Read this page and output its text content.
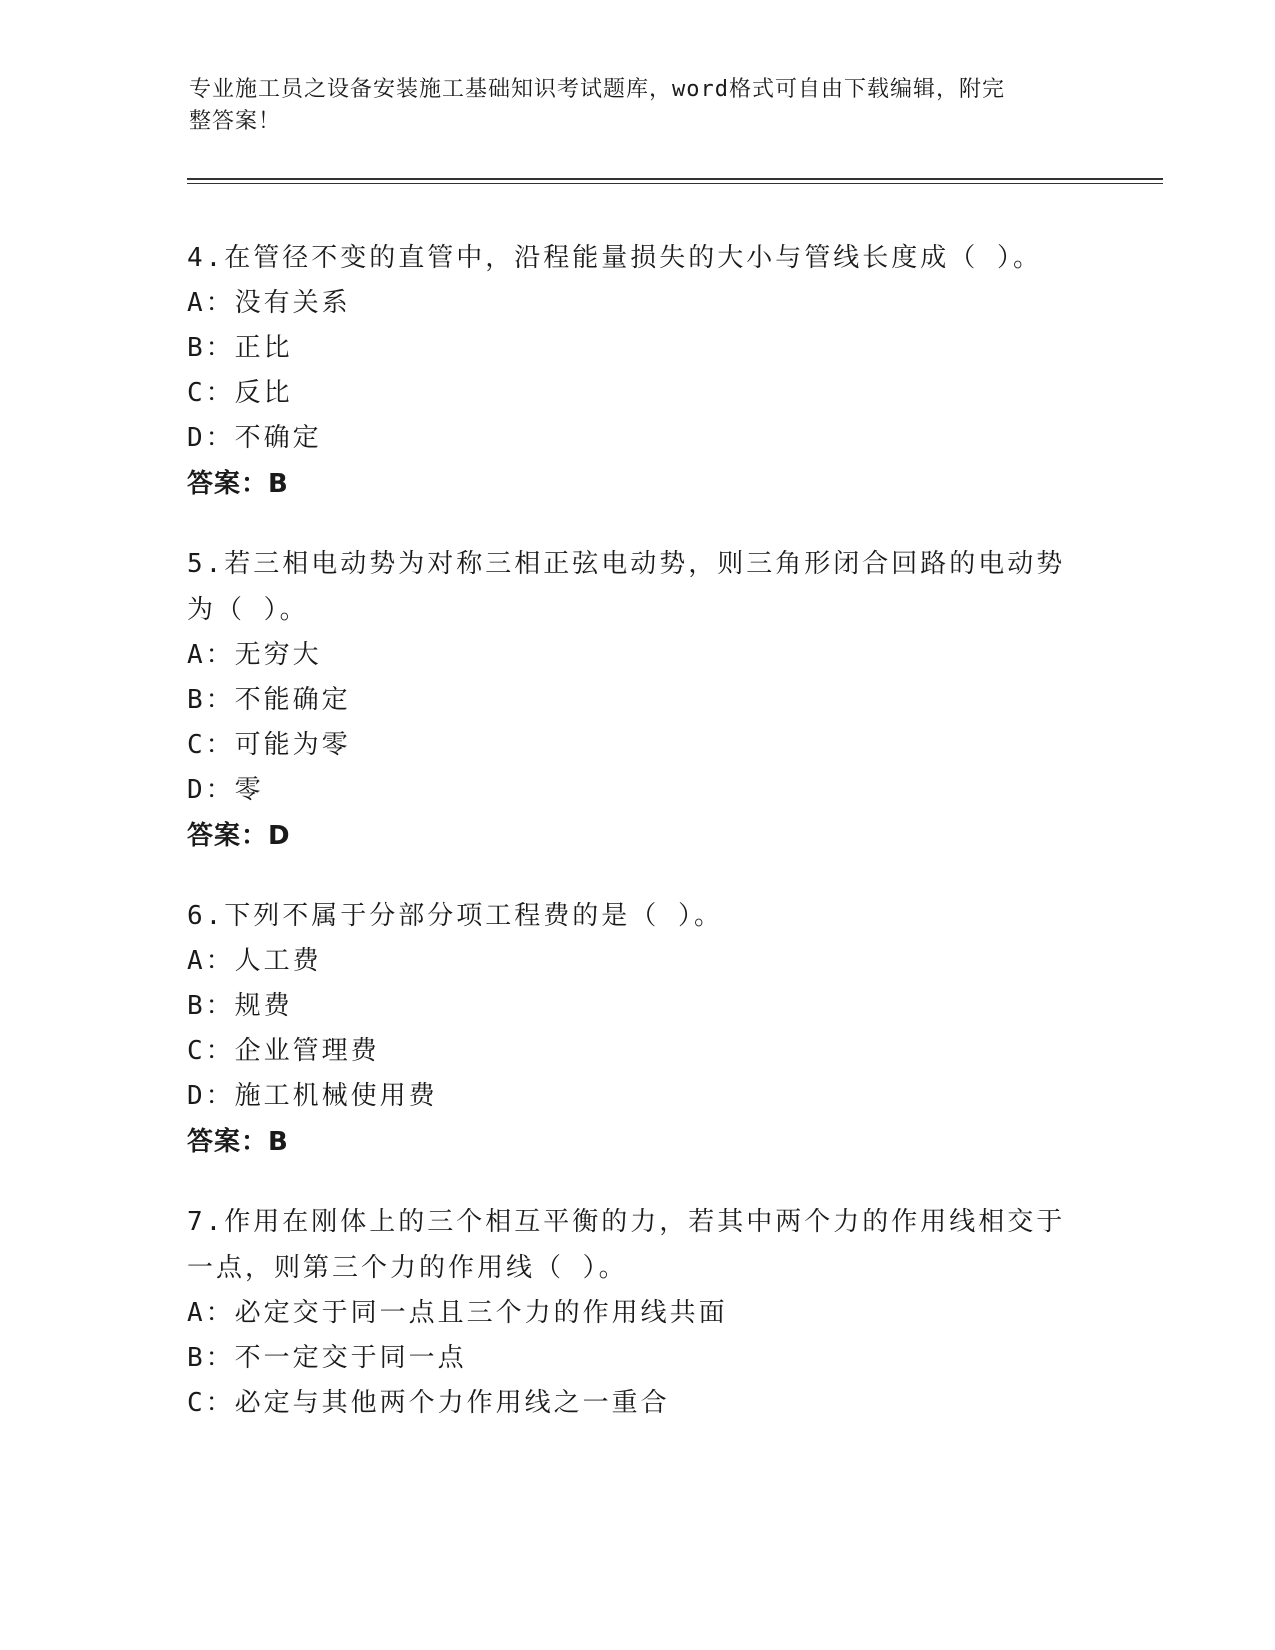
专业施工员之设备安装施工基础知识考试题库，word格式可自由下载编辑，附完
整答案！

4.在管径不变的直管中，沿程能量损失的大小与管线长度成（ ）。

A：没有关系
B：正比
C：反比
D：不确定
答案：B

5.若三相电动势为对称三相正弦电动势，则三角形闭合回路的电动势为（ ）。

A：无穷大
B：不能确定
C：可能为零
D：零
答案：D

6.下列不属于分部分项工程费的是（ ）。

A：人工费
B：规费
C：企业管理费
D：施工机械使用费
答案：B

7.作用在刚体上的三个相互平衡的力，若其中两个力的作用线相交于一点，则第三个力的作用线（ ）。

A：必定交于同一点且三个力的作用线共面
B：不一定交于同一点
C：必定与其他两个力作用线之一重合
